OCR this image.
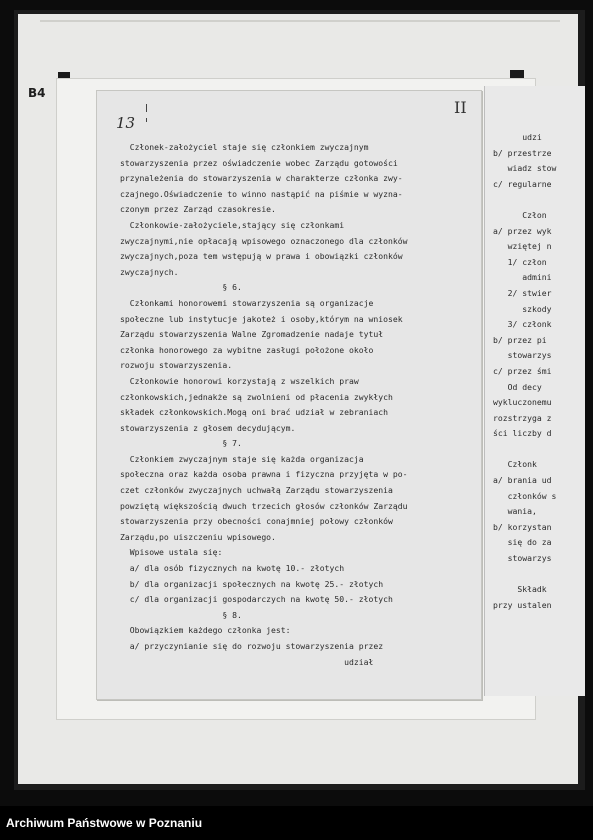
B4
13
II
Członek-założyciel staje się członkiem zwyczajnym
stowarzyszenia przez oświadczenie wobec Zarządu gotowości
przynależenia do stowarzyszenia w charakterze członka zwy-
czajnego.Oświadczenie to winno nastąpić na piśmie w wyzna-
czonym przez Zarząd czasokresie.
Członkowie-założyciele,stający się członkami
zwyczajnymi,nie opłacają wpisowego oznaczonego dla członków
zwyczajnych,poza tem wstępują w prawa i obowiązki członków
zwyczajnych.
§ 6.
Członkami honorowemi stowarzyszenia są organizacje
społeczne lub instytucje jakoteż i osoby,którym na wniosek
Zarządu stowarzyszenia Walne Zgromadzenie nadaje tytuł
członka honorowego za wybitne zasługi położone około
rozwoju stowarzyszenia.
Członkowie honorowi korzystają z wszelkich praw
członkowskich,jednakże są zwolnieni od płacenia zwykłych
składek członkowskich.Mogą oni brać udział w zebraniach
stowarzyszenia z głosem decydującym.
§ 7.
Członkiem zwyczajnym staje się każda organizacja
społeczna oraz każda osoba prawna i fizyczna przyjęta w po-
czet członków zwyczajnych uchwałą Zarządu stowarzyszenia
powziętą większością dwuch trzecich głosów członków Zarządu
stowarzyszenia przy obecności conajmniej połowy członków
Zarządu,po uiszczeniu wpisowego.
Wpisowe ustala się:
a/ dla osób fizycznych na kwotę 10.- złotych
b/ dla organizacji społecznych na kwotę 25.- złotych
c/ dla organizacji gospodarczych na kwotę 50.- złotych
§ 8.
Obowiązkiem każdego członka jest:
a/ przyczynianie się do rozwoju stowarzyszenia przez
udział
udzi
b/ przestrze
wiadz stow
c/ regularne

Człon
a/ przez wyk
wziętej n
1/ człon
admini
2/ stwier
szkody
3/ członk
b/ przez pi
stowarzys
c/ przez śmi
Od decy
wykluczonemu
rozstrzyga z
ści liczby d

Członk
a/ brania ud
członków s
wania,
b/ korzystan
się do za
stowarzys

Składk
przy ustalen
Archiwum Państwowe w Poznaniu
